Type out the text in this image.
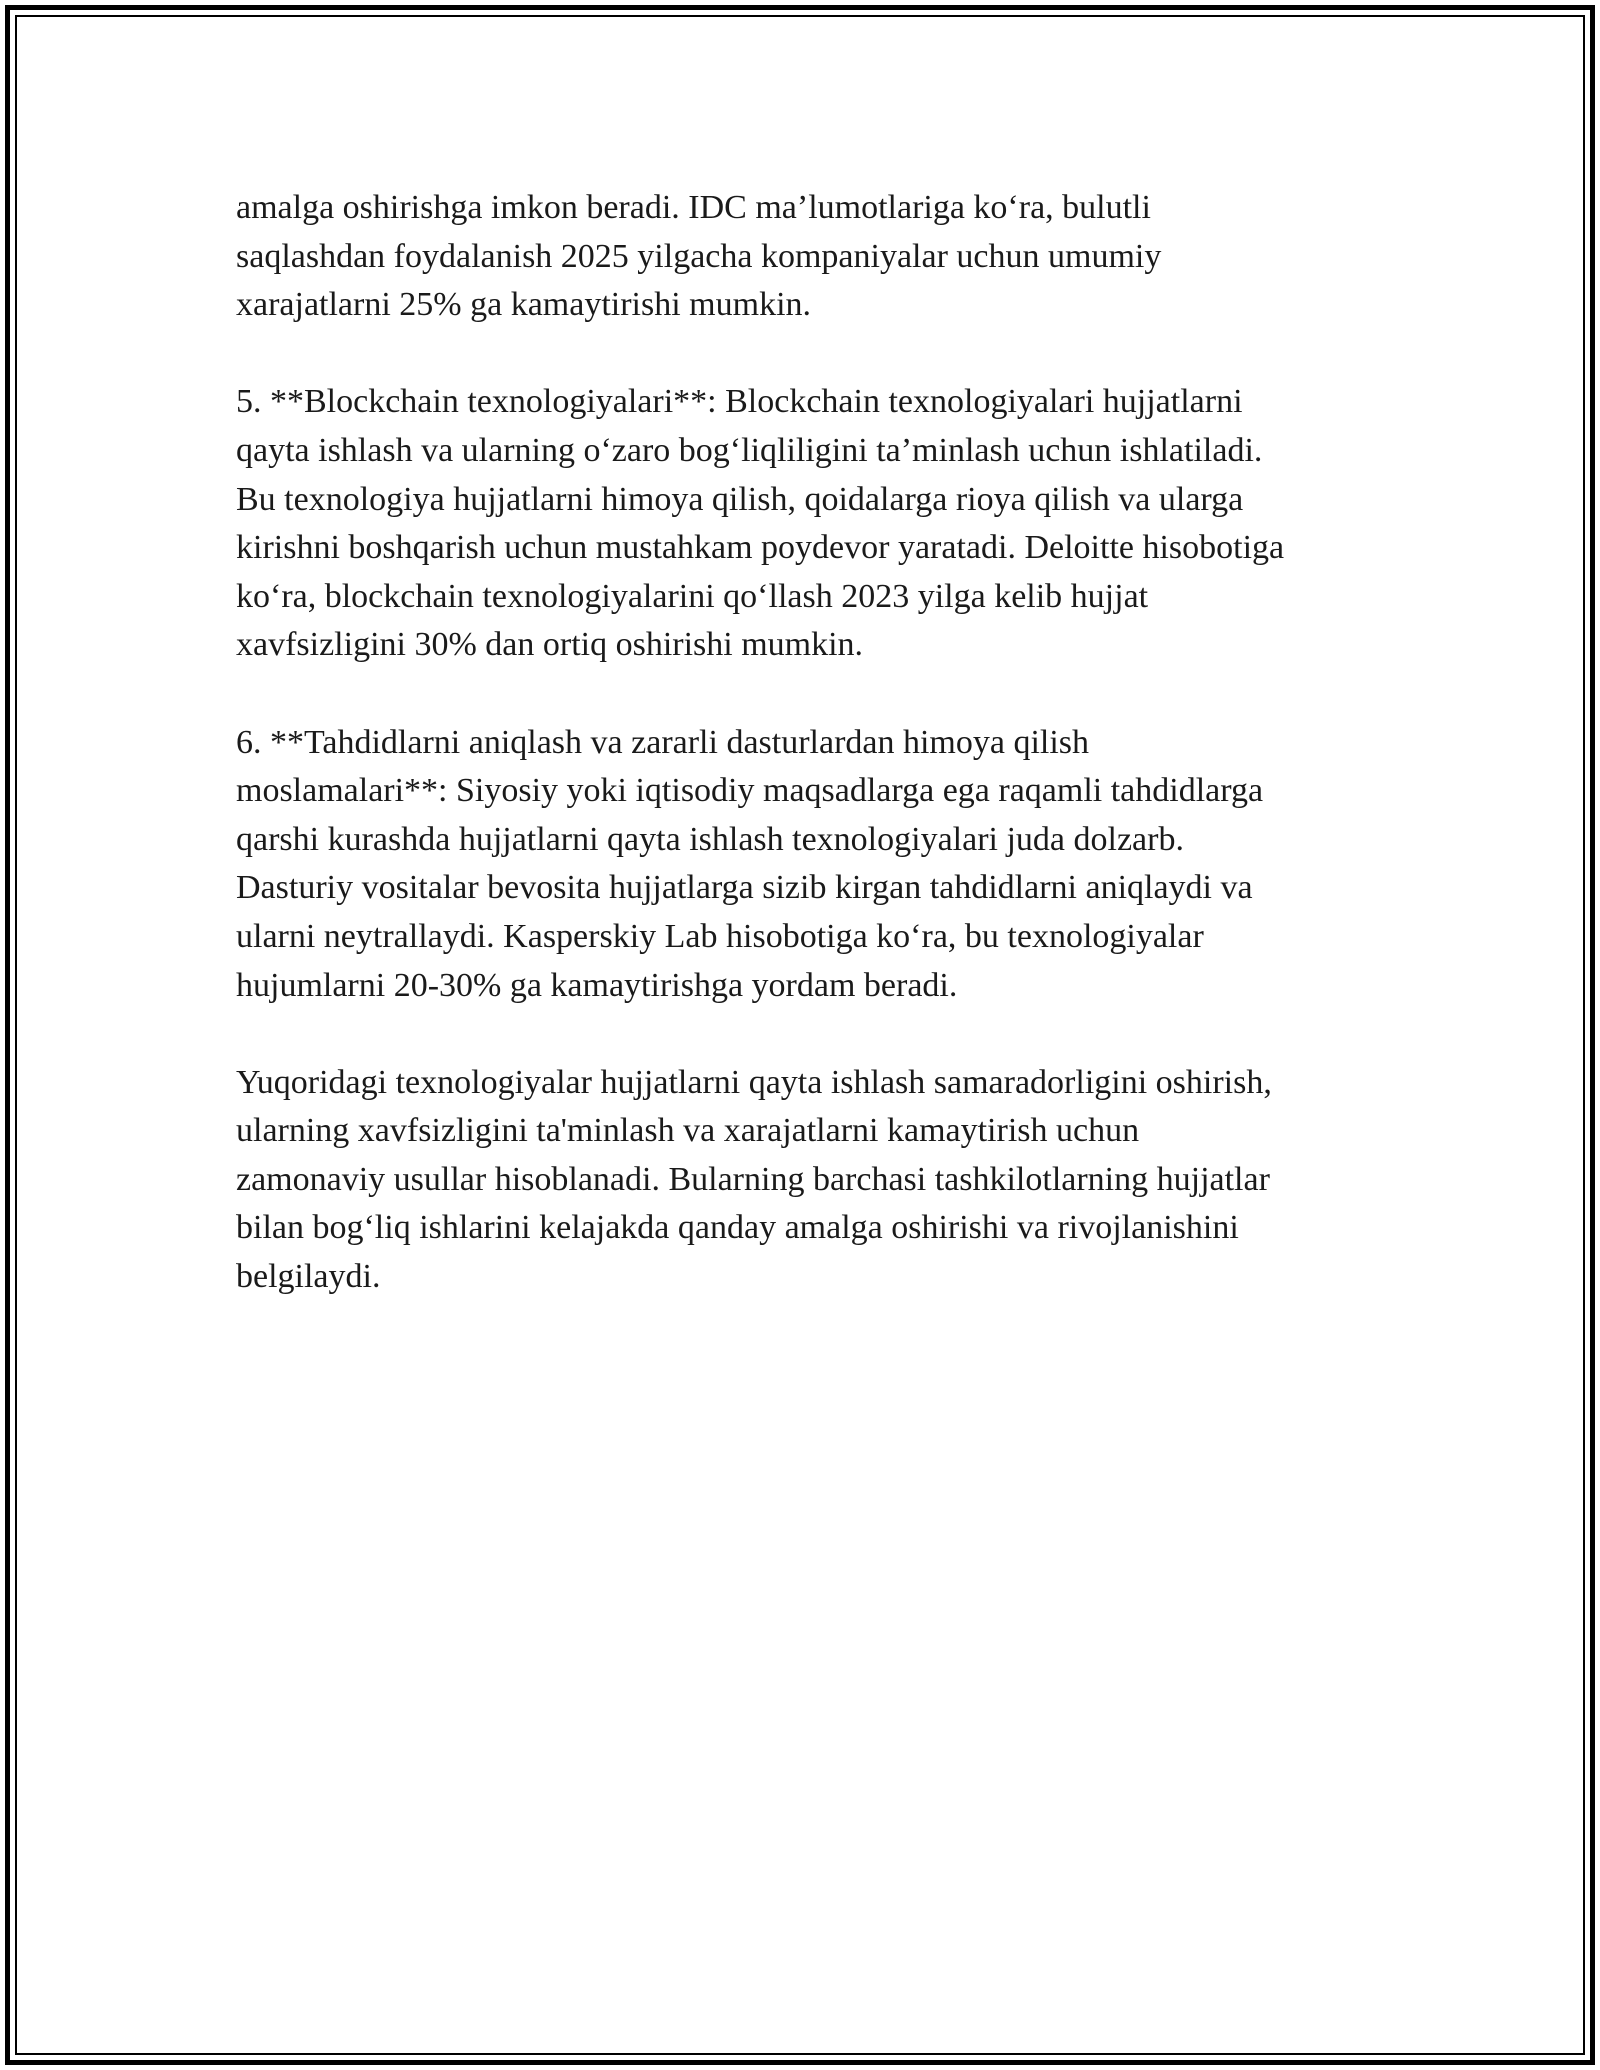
amalga oshirishga imkon beradi. IDC ma’lumotlariga ko‘ra, bulutli
saqlashdan foydalanish 2025 yilgacha kompaniyalar uchun umumiy
xarajatlarni 25% ga kamaytirishi mumkin.

5. **Blockchain texnologiyalari**: Blockchain texnologiyalari hujjatlarni
qayta ishlash va ularning o‘zaro bog‘liqliligini ta’minlash uchun ishlatiladi.
Bu texnologiya hujjatlarni himoya qilish, qoidalarga rioya qilish va ularga
kirishni boshqarish uchun mustahkam poydevor yaratadi. Deloitte hisobotiga
ko‘ra, blockchain texnologiyalarini qo‘llash 2023 yilga kelib hujjat
xavfsizligini 30% dan ortiq oshirishi mumkin.

6. **Tahdidlarni aniqlash va zararli dasturlardan himoya qilish
moslamalari**: Siyosiy yoki iqtisodiy maqsadlarga ega raqamli tahdidlarga
qarshi kurashda hujjatlarni qayta ishlash texnologiyalari juda dolzarb.
Dasturiy vositalar bevosita hujjatlarga sizib kirgan tahdidlarni aniqlaydi va
ularni neytrallaydi. Kasperskiy Lab hisobotiga ko‘ra, bu texnologiyalar
hujumlarni 20-30% ga kamaytirishga yordam beradi.

Yuqoridagi texnologiyalar hujjatlarni qayta ishlash samaradorligini oshirish,
ularning xavfsizligini ta'minlash va xarajatlarni kamaytirish uchun
zamonaviy usullar hisoblanadi. Bularning barchasi tashkilotlarning hujjatlar
bilan bog‘liq ishlarini kelajakda qanday amalga oshirishi va rivojlanishini
belgilaydi.
